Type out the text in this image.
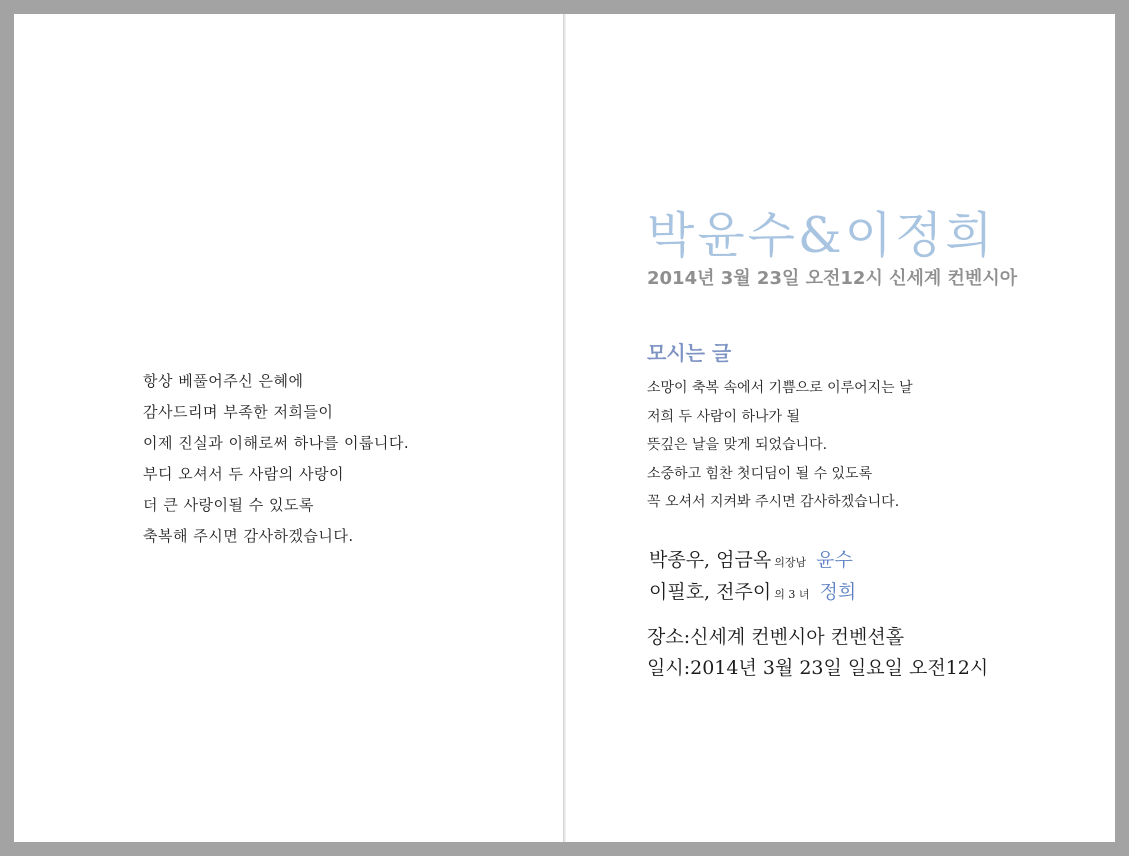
항상 베풀어주신 은혜에
감사드리며 부족한 저희들이
이제 진실과 이해로써 하나를 이룹니다.
부디 오셔서 두 사람의 사랑이
더 큰 사랑이될 수 있도록
축복해 주시면 감사하겠습니다.
박윤수&이정희
2014년 3월 23일 오전12시 신세계 컨벤시아
모시는 글
소망이 축복 속에서 기쁨으로 이루어지는 날
저희 두 사람이 하나가 될
뜻깊은 날을 맞게 되었습니다.
소중하고 힘찬 첫디딤이 될 수 있도록
꼭 오셔서 지켜봐 주시면 감사하겠습니다.
박종우, 엄금옥 의장남 윤수
이필호, 전주이 의 3 녀 정희
장소:신세계 컨벤시아 컨벤션홀
일시:2014년 3월 23일 일요일 오전12시
